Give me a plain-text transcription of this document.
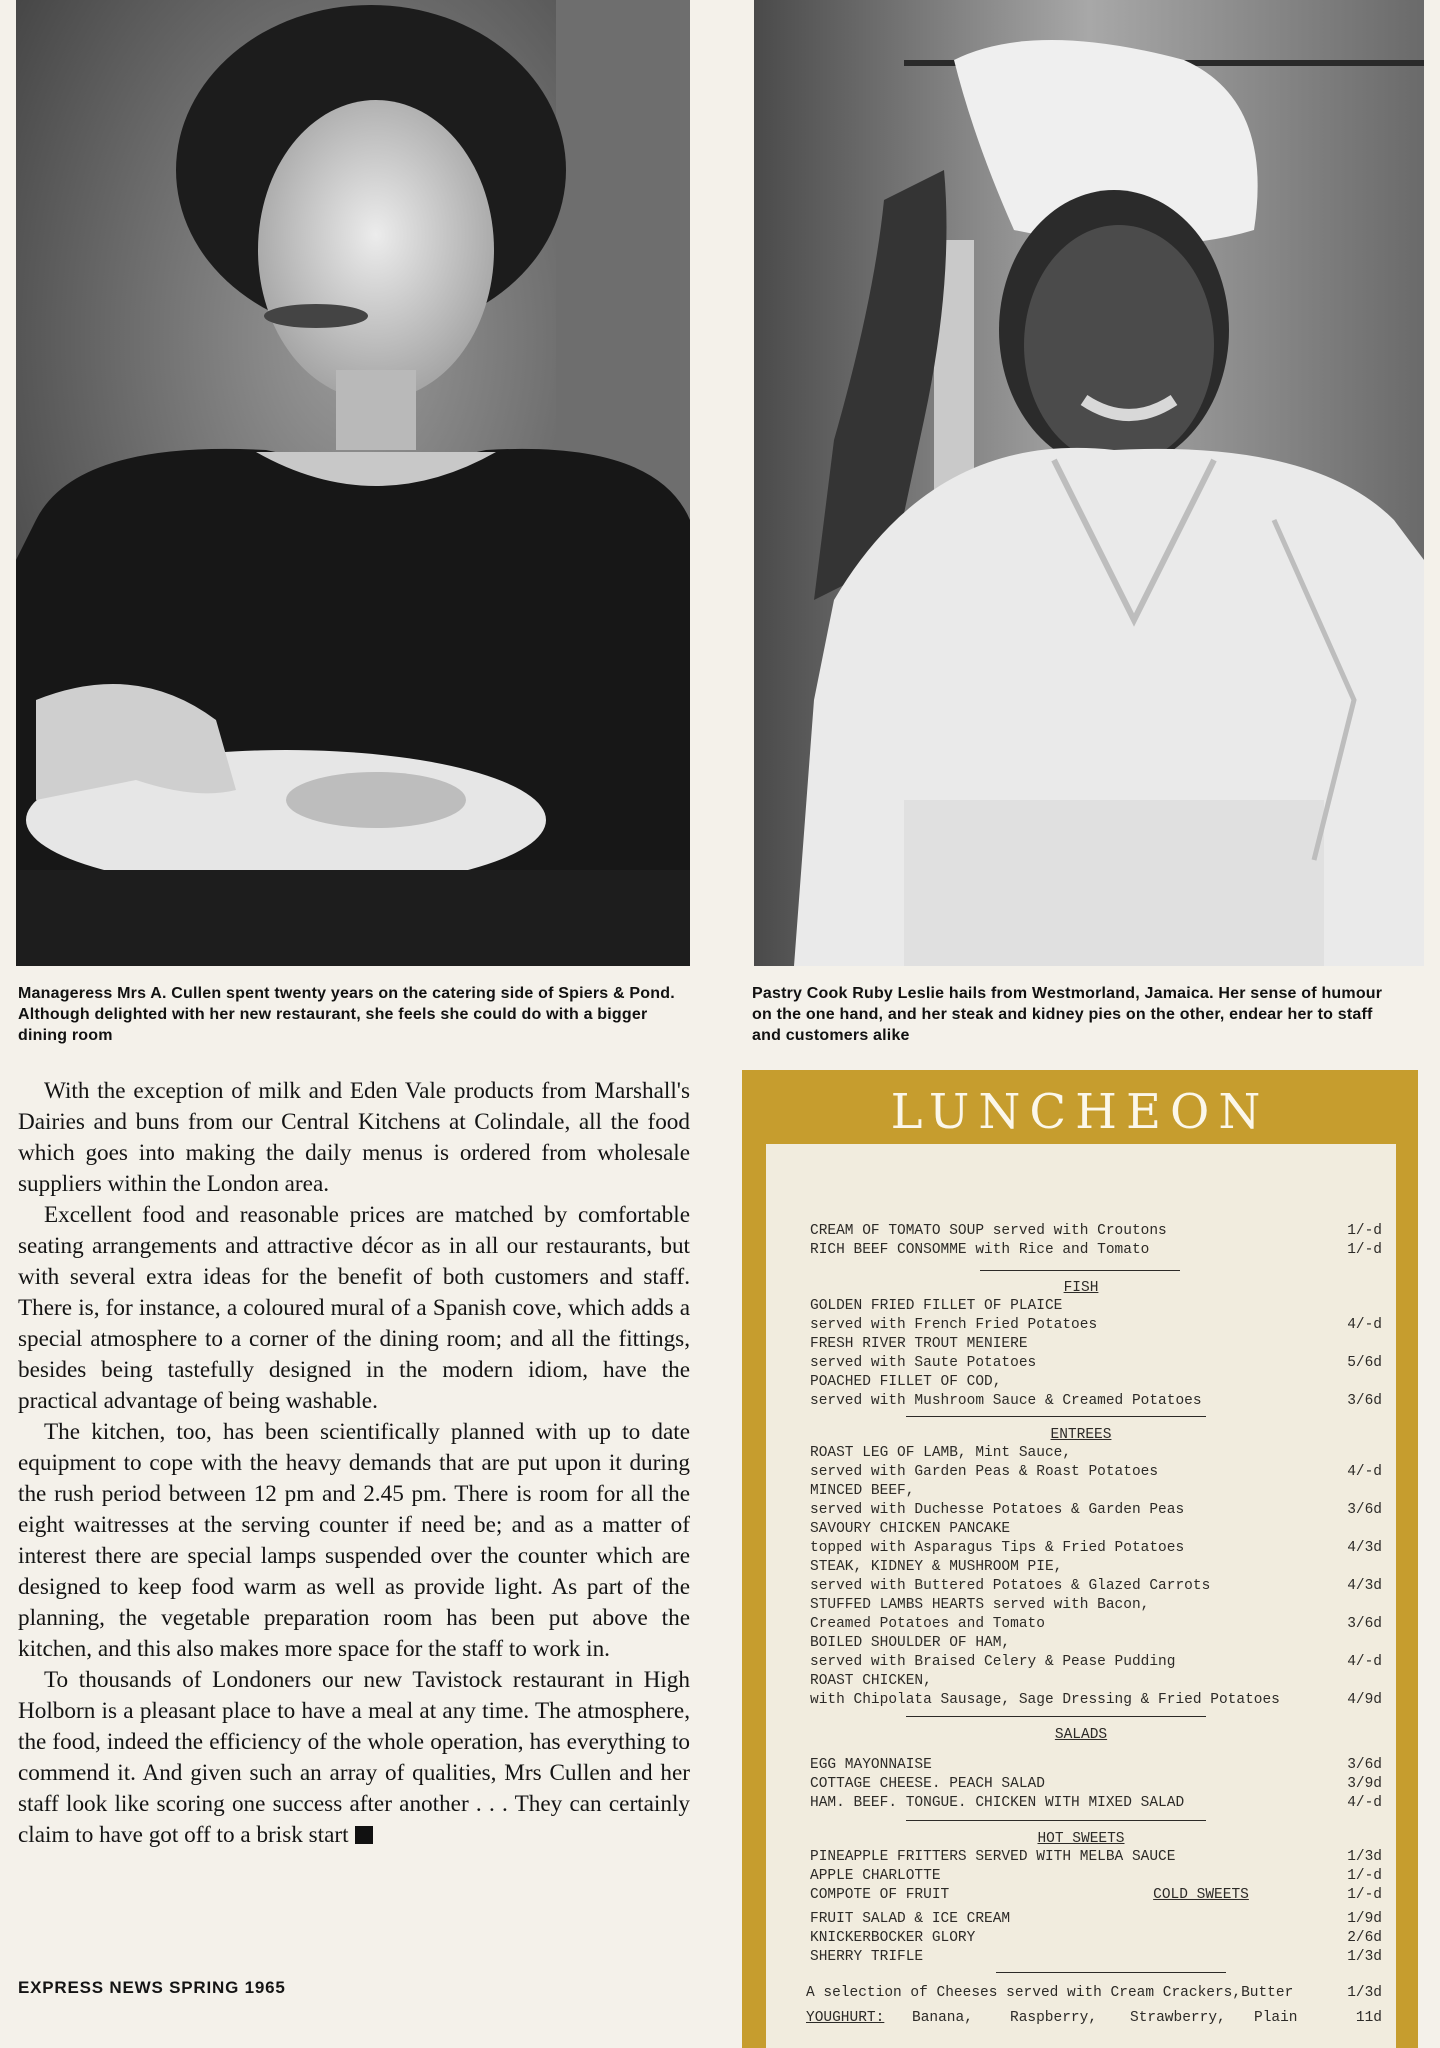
Manageress Mrs A. Cullen spent twenty years on the catering side of Spiers & Pond. Although delighted with her new restaurant, she feels she could do with a bigger dining room
Pastry Cook Ruby Leslie hails from Westmorland, Jamaica. Her sense of humour on the one hand, and her steak and kidney pies on the other, endear her to staff and customers alike

With the exception of milk and Eden Vale products from Marshall's Dairies and buns from our Central Kitchens at Colindale, all the food which goes into making the daily menus is ordered from wholesale suppliers within the London area.

Excellent food and reasonable prices are matched by comfortable seating arrangements and attractive décor as in all our restaurants, but with several extra ideas for the benefit of both customers and staff. There is, for instance, a coloured mural of a Spanish cove, which adds a special atmosphere to a corner of the dining room; and all the fittings, besides being tastefully designed in the modern idiom, have the practical advantage of being washable.

The kitchen, too, has been scientifically planned with up to date equipment to cope with the heavy demands that are put upon it during the rush period between 12 pm and 2.45 pm. There is room for all the eight waitresses at the serving counter if need be; and as a matter of interest there are special lamps suspended over the counter which are designed to keep food warm as well as provide light. As part of the planning, the vegetable preparation room has been put above the kitchen, and this also makes more space for the staff to work in.

To thousands of Londoners our new Tavistock restaurant in High Holborn is a pleasant place to have a meal at any time. The atmosphere, the food, indeed the efficiency of the whole operation, has everything to commend it. And given such an array of qualities, Mrs Cullen and her staff look like scoring one success after another . . . They can certainly claim to have got off to a brisk start

EXPRESS NEWS SPRING 1965
LUNCHEON
CREAM OF TOMATO SOUP served with Croutons	1/-d
RICH BEEF CONSOMME with Rice and Tomato	1/-d
FISH
GOLDEN FRIED FILLET OF PLAICE
served with French Fried Potatoes	4/-d
FRESH RIVER TROUT MENIERE
served with Saute Potatoes	5/6d
POACHED FILLET OF COD,
served with Mushroom Sauce & Creamed Potatoes	3/6d
ENTREES
ROAST LEG OF LAMB, Mint Sauce,
served with Garden Peas & Roast Potatoes	4/-d
MINCED BEEF,
served with Duchesse Potatoes & Garden Peas	3/6d
SAVOURY CHICKEN PANCAKE
topped with Asparagus Tips & Fried Potatoes	4/3d
STEAK, KIDNEY & MUSHROOM PIE,
served with Buttered Potatoes & Glazed Carrots	4/3d
STUFFED LAMBS HEARTS served with Bacon,
Creamed Potatoes and Tomato	3/6d
BOILED SHOULDER OF HAM,
served with Braised Celery & Pease Pudding	4/-d
ROAST CHICKEN,
with Chipolata Sausage, Sage Dressing & Fried Potatoes	4/9d
SALADS
EGG MAYONNAISE	3/6d
COTTAGE CHEESE. PEACH SALAD	3/9d
HAM. BEEF. TONGUE. CHICKEN WITH MIXED SALAD	4/-d
HOT SWEETS
PINEAPPLE FRITTERS SERVED WITH MELBA SAUCE	1/3d
APPLE CHARLOTTE	1/-d
COMPOTE OF FRUIT	1/-d
COLD SWEETS
FRUIT SALAD & ICE CREAM	1/9d
KNICKERBOCKER GLORY	2/6d
SHERRY TRIFLE	1/3d
A selection of Cheeses served with Cream Crackers,Butter	1/3d
YOUGHURT: Banana,	Raspberry, Strawberry, Plain	11d
